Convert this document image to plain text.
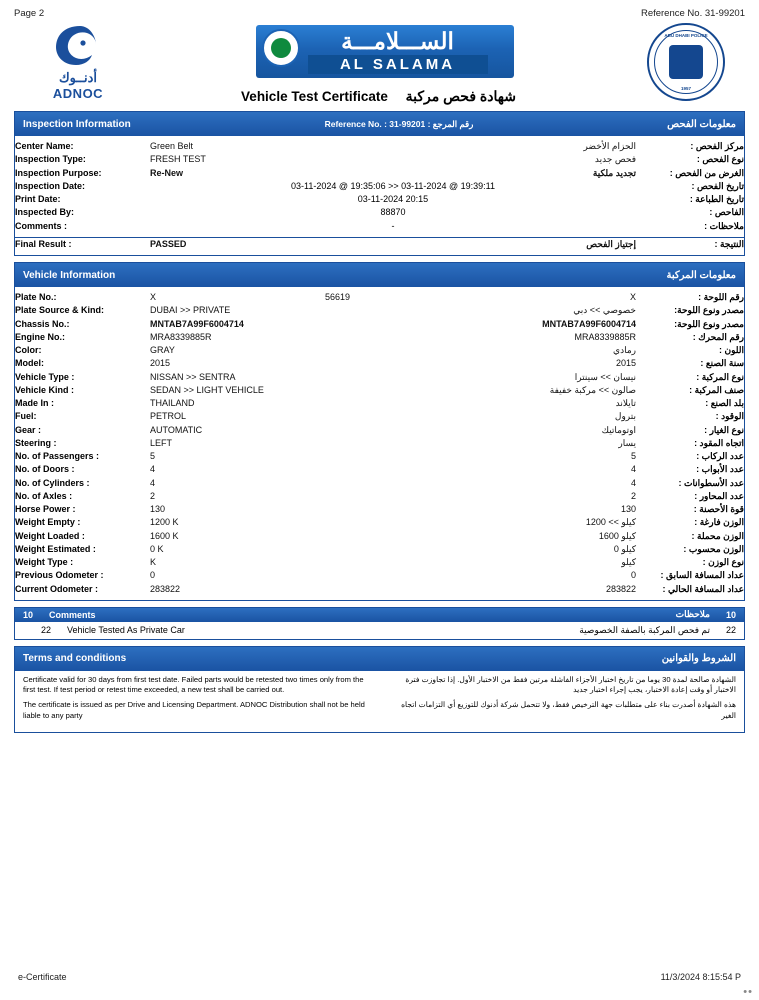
Page 2	Reference No. 31-99201
أدنــوك
ADNOC
الســـلامـــة
AL SALAMA
Vehicle Test Certificate شهادة فحص مركبة
ABU DHABI POLICE
1957
Inspection Information	Reference No. : 31-99201 : رقم المرجع	معلومات الفحص
Center Name:	Green Belt		الحزام الأخضر	مركز الفحص :
Inspection Type:	FRESH TEST		فحص جديد	نوع الفحص :
Inspection Purpose:	Re-New		تجديد ملكية	الغرض من الفحص :
Inspection Date:	03-11-2024 @ 19:35:06 >> 03-11-2024 @ 19:39:11			تاريخ الفحص :
Print Date:	03-11-2024 20:15			تاريخ الطباعة :
Inspected By:	88870			الفاحص :
Comments :	-			ملاحظات :
Final Result :	PASSED		إجتياز الفحص	النتيجة :
Vehicle Information	معلومات المركبة
Plate No.:	X	56619	X	رقم اللوحة :
Plate Source & Kind:	DUBAI >> PRIVATE		خصوصي >> دبي	مصدر ونوع اللوحة:
Chassis No.:	MNTAB7A99F6004714		MNTAB7A99F6004714	مصدر ونوع اللوحة:
Engine No.:	MRA8339885R		MRA8339885R	رقم المحرك :
Color:	GRAY		رمادي	اللون :
Model:	2015		2015	سنة الصنع :
Vehicle Type :	NISSAN >> SENTRA		نيسان >> سينترا	نوع المركبة :
Vehicle Kind :	SEDAN >> LIGHT VEHICLE		صالون >> مركبة خفيفة	صنف المركبة :
Made In :	THAILAND		تايلاند	بلد الصنع :
Fuel:	PETROL		بترول	الوقود :
Gear :	AUTOMATIC		اوتوماتيك	نوع الغيار :
Steering :	LEFT		يسار	اتجاه المقود :
No. of Passengers :	5		5	عدد الركاب :
No. of Doors :	4		4	عدد الأبواب :
No. of Cylinders :	4		4	عدد الأسطوانات :
No. of Axles :	2		2	عدد المحاور :
Horse Power :	130		130	قوة الأحصنة :
Weight Empty :	1200 K		كيلو >> 1200	الوزن فارغة :
Weight Loaded :	1600 K		كيلو 1600	الوزن محملة :
Weight Estimated :	0 K		كيلو 0	الوزن محسوب :
Weight Type :	K		كيلو	نوع الوزن :
Previous Odometer :	0		0	عداد المسافة السابق :
Current Odometer :	283822		283822	عداد المسافة الحالي :
10	Comments	ملاحظات	10
22	Vehicle Tested As Private Car	تم فحص المركبة بالصفة الخصوصية	22
Terms and conditions	الشروط والقوانين

Certificate valid for 30 days from first test date. Failed parts would be retested two times only from the first test. If test period or retest time exceeded, a new test shall be carried out.

The certificate is issued as per Drive and Licensing Department. ADNOC Distribution shall not be held liable to any party

الشهادة صالحة لمدة 30 يوما من تاريخ اختبار الأجزاء الفاشلة مرتين فقط من الاختبار الأول. إذا تجاوزت فترة الاختبار أو وقت إعادة الاختبار، يجب إجراء اختبار جديد

هذه الشهادة أصدرت بناء على متطلبات جهة الترخيص فقط، ولا تتحمل شركة أدنوك للتوزيع أي التزامات اتجاه الغير

e-Certificate	11/3/2024 8:15:54 P
••
